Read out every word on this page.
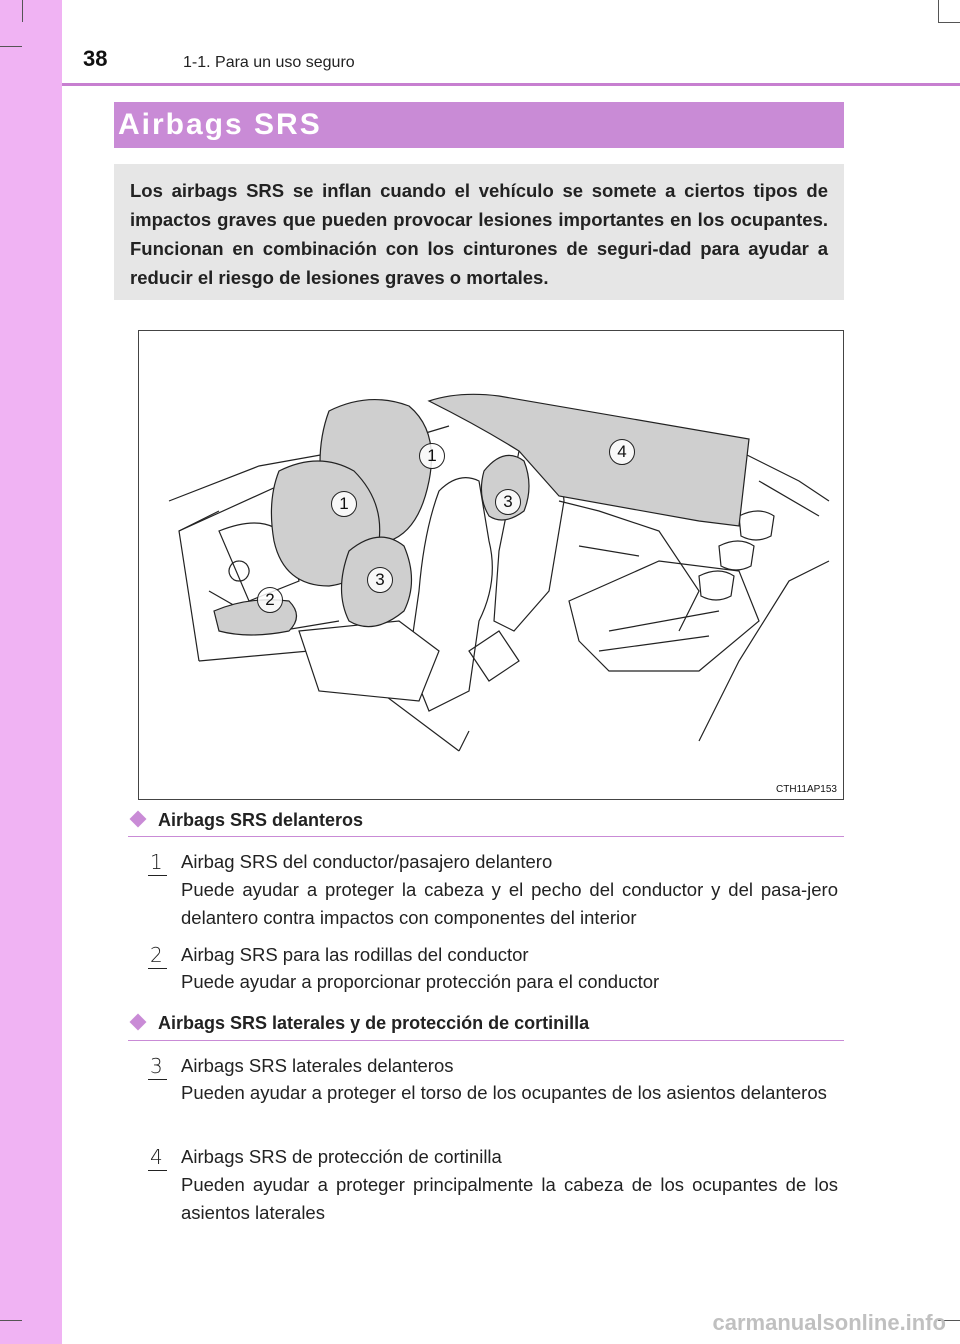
38	1-1. Para un uso seguro
Airbags SRS
Los airbags SRS se inflan cuando el vehículo se somete a ciertos tipos de impactos graves que pueden provocar lesiones importantes en los ocupantes. Funcionan en combinación con los cinturones de seguri-dad para ayudar a reducir el riesgo de lesiones graves o mortales.
1
1
2
3
3
4
CTH11AP153
Airbags SRS delanteros
1 Airbag SRS del conductor/pasajero delantero
Puede ayudar a proteger la cabeza y el pecho del conductor y del pasa-jero delantero contra impactos con componentes del interior
2 Airbag SRS para las rodillas del conductor
Puede ayudar a proporcionar protección para el conductor
Airbags SRS laterales y de protección de cortinilla
3 Airbags SRS laterales delanteros
Pueden ayudar a proteger el torso de los ocupantes de los asientos delanteros
4 Airbags SRS de protección de cortinilla
Pueden ayudar a proteger principalmente la cabeza de los ocupantes de los asientos laterales
carmanualsonline.info
